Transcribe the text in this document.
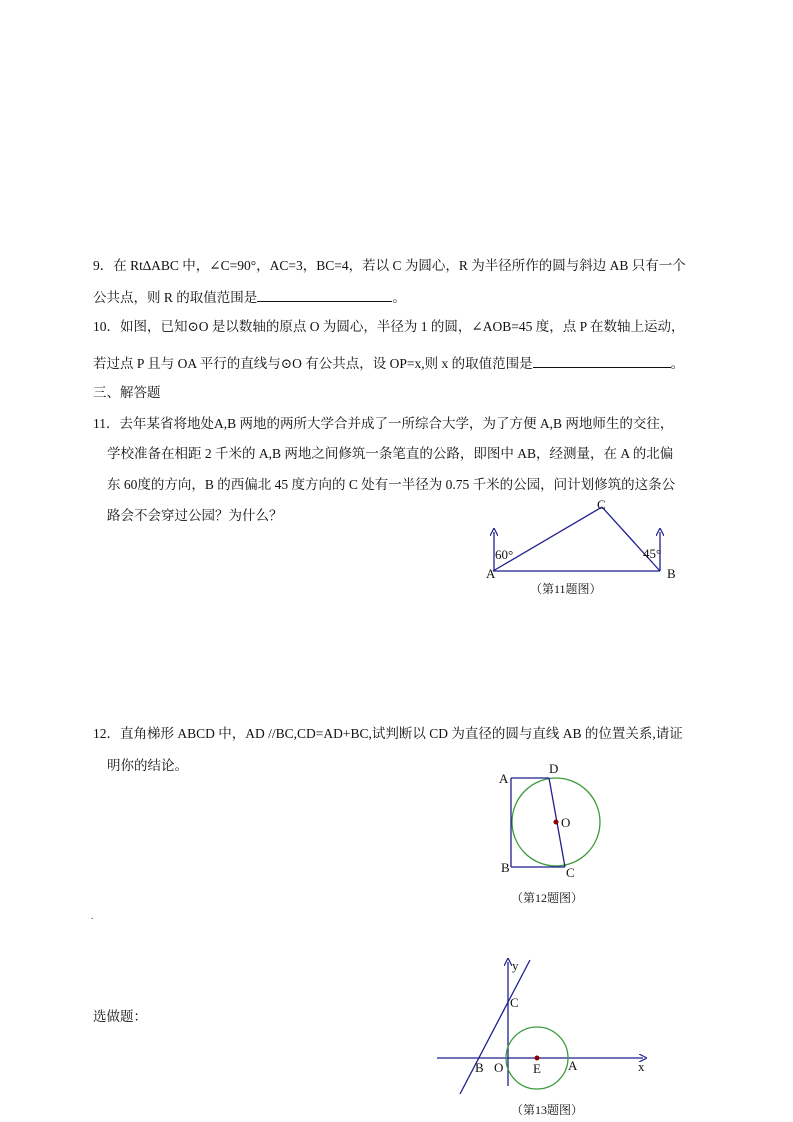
9．在 Rt∆ABC 中，∠C=90°，AC=3，BC=4，若以 C 为圆心，R 为半径所作的圆与斜边 AB 只有一个
公共点，则 R 的取值范围是	。
10．如图，已知⊙O 是以数轴的原点 O 为圆心，半径为 1 的圆，∠AOB=45 度，点 P 在数轴上运动，
若过点 P 且与 OA 平行的直线与⊙O 有公共点，设 OP=x,则 x 的取值范围是	。
三、解答题
11．去年某省将地处A,B 两地的两所大学合并成了一所综合大学，为了方便 A,B 两地师生的交往，
学校准备在相距 2 千米的 A,B 两地之间修筑一条笔直的公路，即图中 AB，经测量，在 A 的北偏
东 60度的方向，B 的西偏北 45 度方向的 C 处有一半径为 0.75 千米的公园，问计划修筑的这条公
路会不会穿过公园？为什么？
12．直角梯形 ABCD 中，AD //BC,CD=AD+BC,试判断以 CD 为直径的圆与直线 AB 的位置关系,请证
明你的结论。
.
选做题：
C
A	B
60°	45°
（第11题图）
A
D
O
B	C
（第12题图）
y
x
C
B O E A
（第13题图）
